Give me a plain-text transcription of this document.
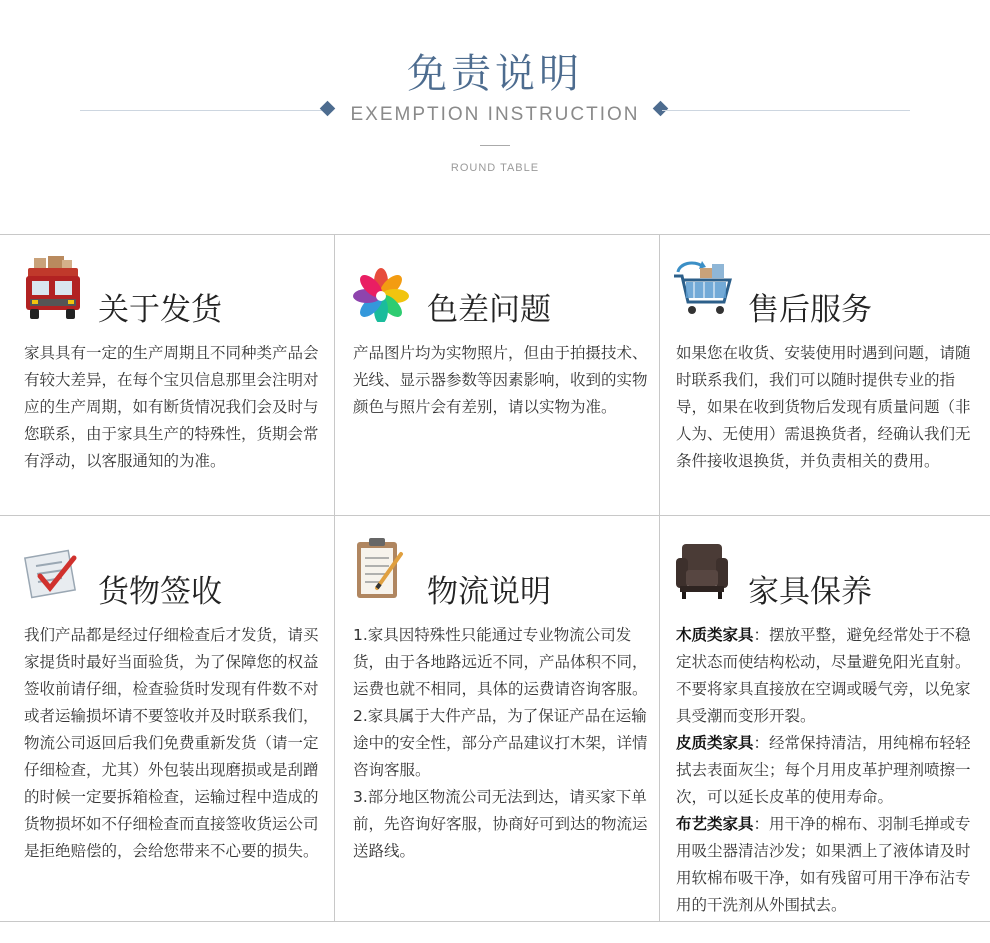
免责说明
EXEMPTION INSTRUCTION
ROUND TABLE
关于发货

家具具有一定的生产周期且不同种类产品会有较大差异，在每个宝贝信息那里会注明对应的生产周期，如有断货情况我们会及时与您联系，由于家具生产的特殊性，货期会常有浮动，以客服通知的为准。

色差问题

产品图片均为实物照片，但由于拍摄技术、光线、显示器参数等因素影响，收到的实物颜色与照片会有差别，请以实物为准。

售后服务

如果您在收货、安装使用时遇到问题，请随时联系我们，我们可以随时提供专业的指导，如果在收到货物后发现有质量问题（非人为、无使用）需退换货者，经确认我们无条件接收退换货，并负责相关的费用。

货物签收

我们产品都是经过仔细检查后才发货，请买家提货时最好当面验货，为了保障您的权益签收前请仔细，检查验货时发现有件数不对或者运输损坏请不要签收并及时联系我们，物流公司返回后我们免费重新发货（请一定仔细检查，尤其）外包装出现磨损或是刮蹭的时候一定要拆箱检查，运输过程中造成的货物损坏如不仔细检查而直接签收货运公司是拒绝赔偿的，会给您带来不心要的损失。

物流说明

1.家具因特殊性只能通过专业物流公司发货，由于各地路远近不同，产品体积不同，运费也就不相同，具体的运费请咨询客服。

2.家具属于大件产品，为了保证产品在运输途中的安全性，部分产品建议打木架，详情咨询客服。

3.部分地区物流公司无法到达，请买家下单前，先咨询好客服，协商好可到达的物流运送路线。

家具保养

木质类家具：摆放平整，避免经常处于不稳定状态而使结构松动，尽量避免阳光直射。不要将家具直接放在空调或暖气旁，以免家具受潮而变形开裂。

皮质类家具：经常保持清洁，用纯棉布轻轻拭去表面灰尘；每个月用皮革护理剂喷擦一次，可以延长皮革的使用寿命。

布艺类家具：用干净的棉布、羽制毛掸或专用吸尘器清洁沙发；如果洒上了液体请及时用软棉布吸干净，如有残留可用干净布沾专用的干洗剂从外围拭去。
